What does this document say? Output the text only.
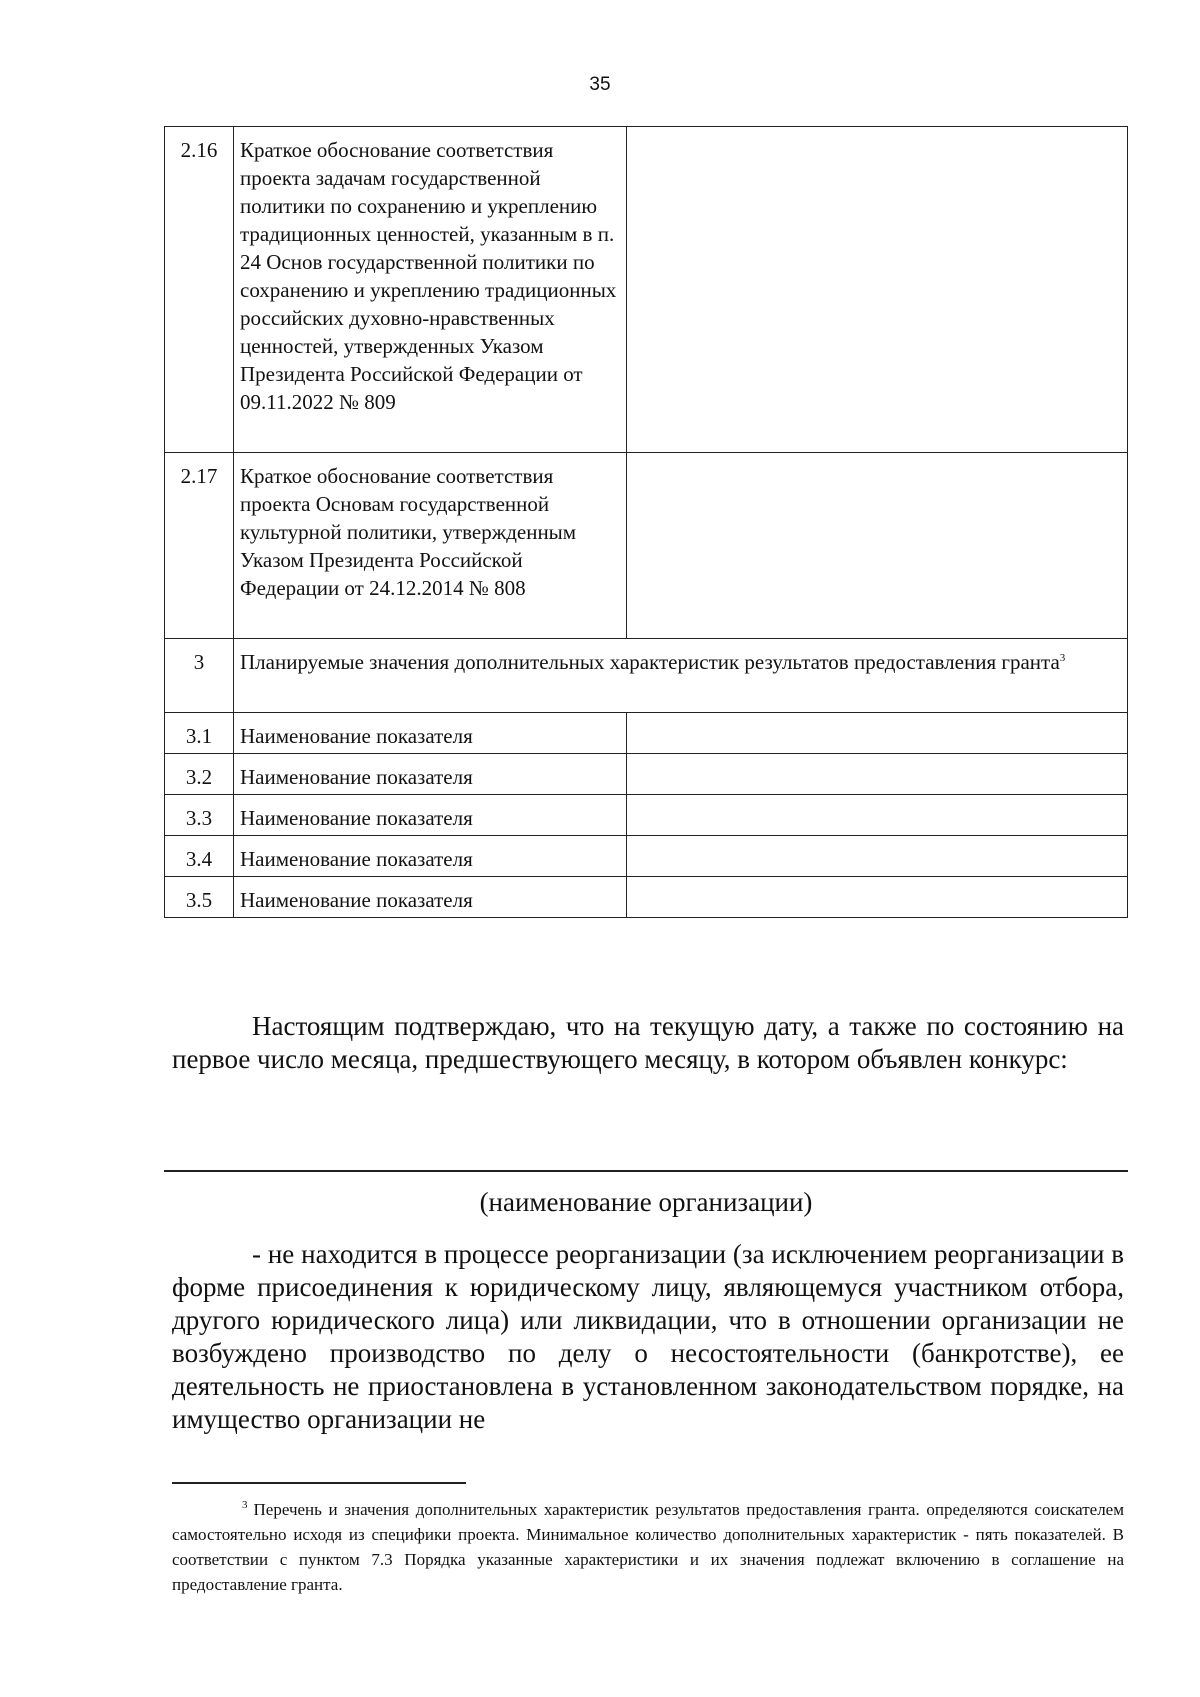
35
2.16	Краткое обоснование соответствия проекта задачам государственной политики по сохранению и укреплению традиционных ценностей, указанным в п. 24 Основ государственной политики по сохранению и укреплению традиционных российских духовно-нравственных ценностей, утвержденных Указом Президента Российской Федерации от 09.11.2022 № 809	
2.17	Краткое обоснование соответствия проекта Основам государственной культурной политики, утвержденным Указом Президента Российской Федерации от 24.12.2014 № 808	
3	Планируемые значения дополнительных характеристик результатов предоставления гранта$^3$
3.1	Наименование показателя	
3.2	Наименование показателя	
3.3	Наименование показателя	
3.4	Наименование показателя	
3.5	Наименование показателя	
Настоящим подтверждаю, что на текущую дату, а также по состоянию на первое число месяца, предшествующего месяцу, в котором объявлен конкурс:
(наименование организации)
- не находится в процессе реорганизации (за исключением реорганизации в форме присоединения к юридическому лицу, являющемуся участником отбора, другого юридического лица) или ликвидации, что в отношении организации не возбуждено производство по делу о несостоятельности (банкротстве), ее деятельность не приостановлена в установленном законодательством порядке, на имущество организации не
$^3$ Перечень и значения дополнительных характеристик результатов предоставления гранта. определяются соискателем самостоятельно исходя из специфики проекта. Минимальное количество дополнительных характеристик - пять показателей. В соответствии с пунктом 7.3 Порядка указанные характеристики и их значения подлежат включению в соглашение на предоставление гранта.
